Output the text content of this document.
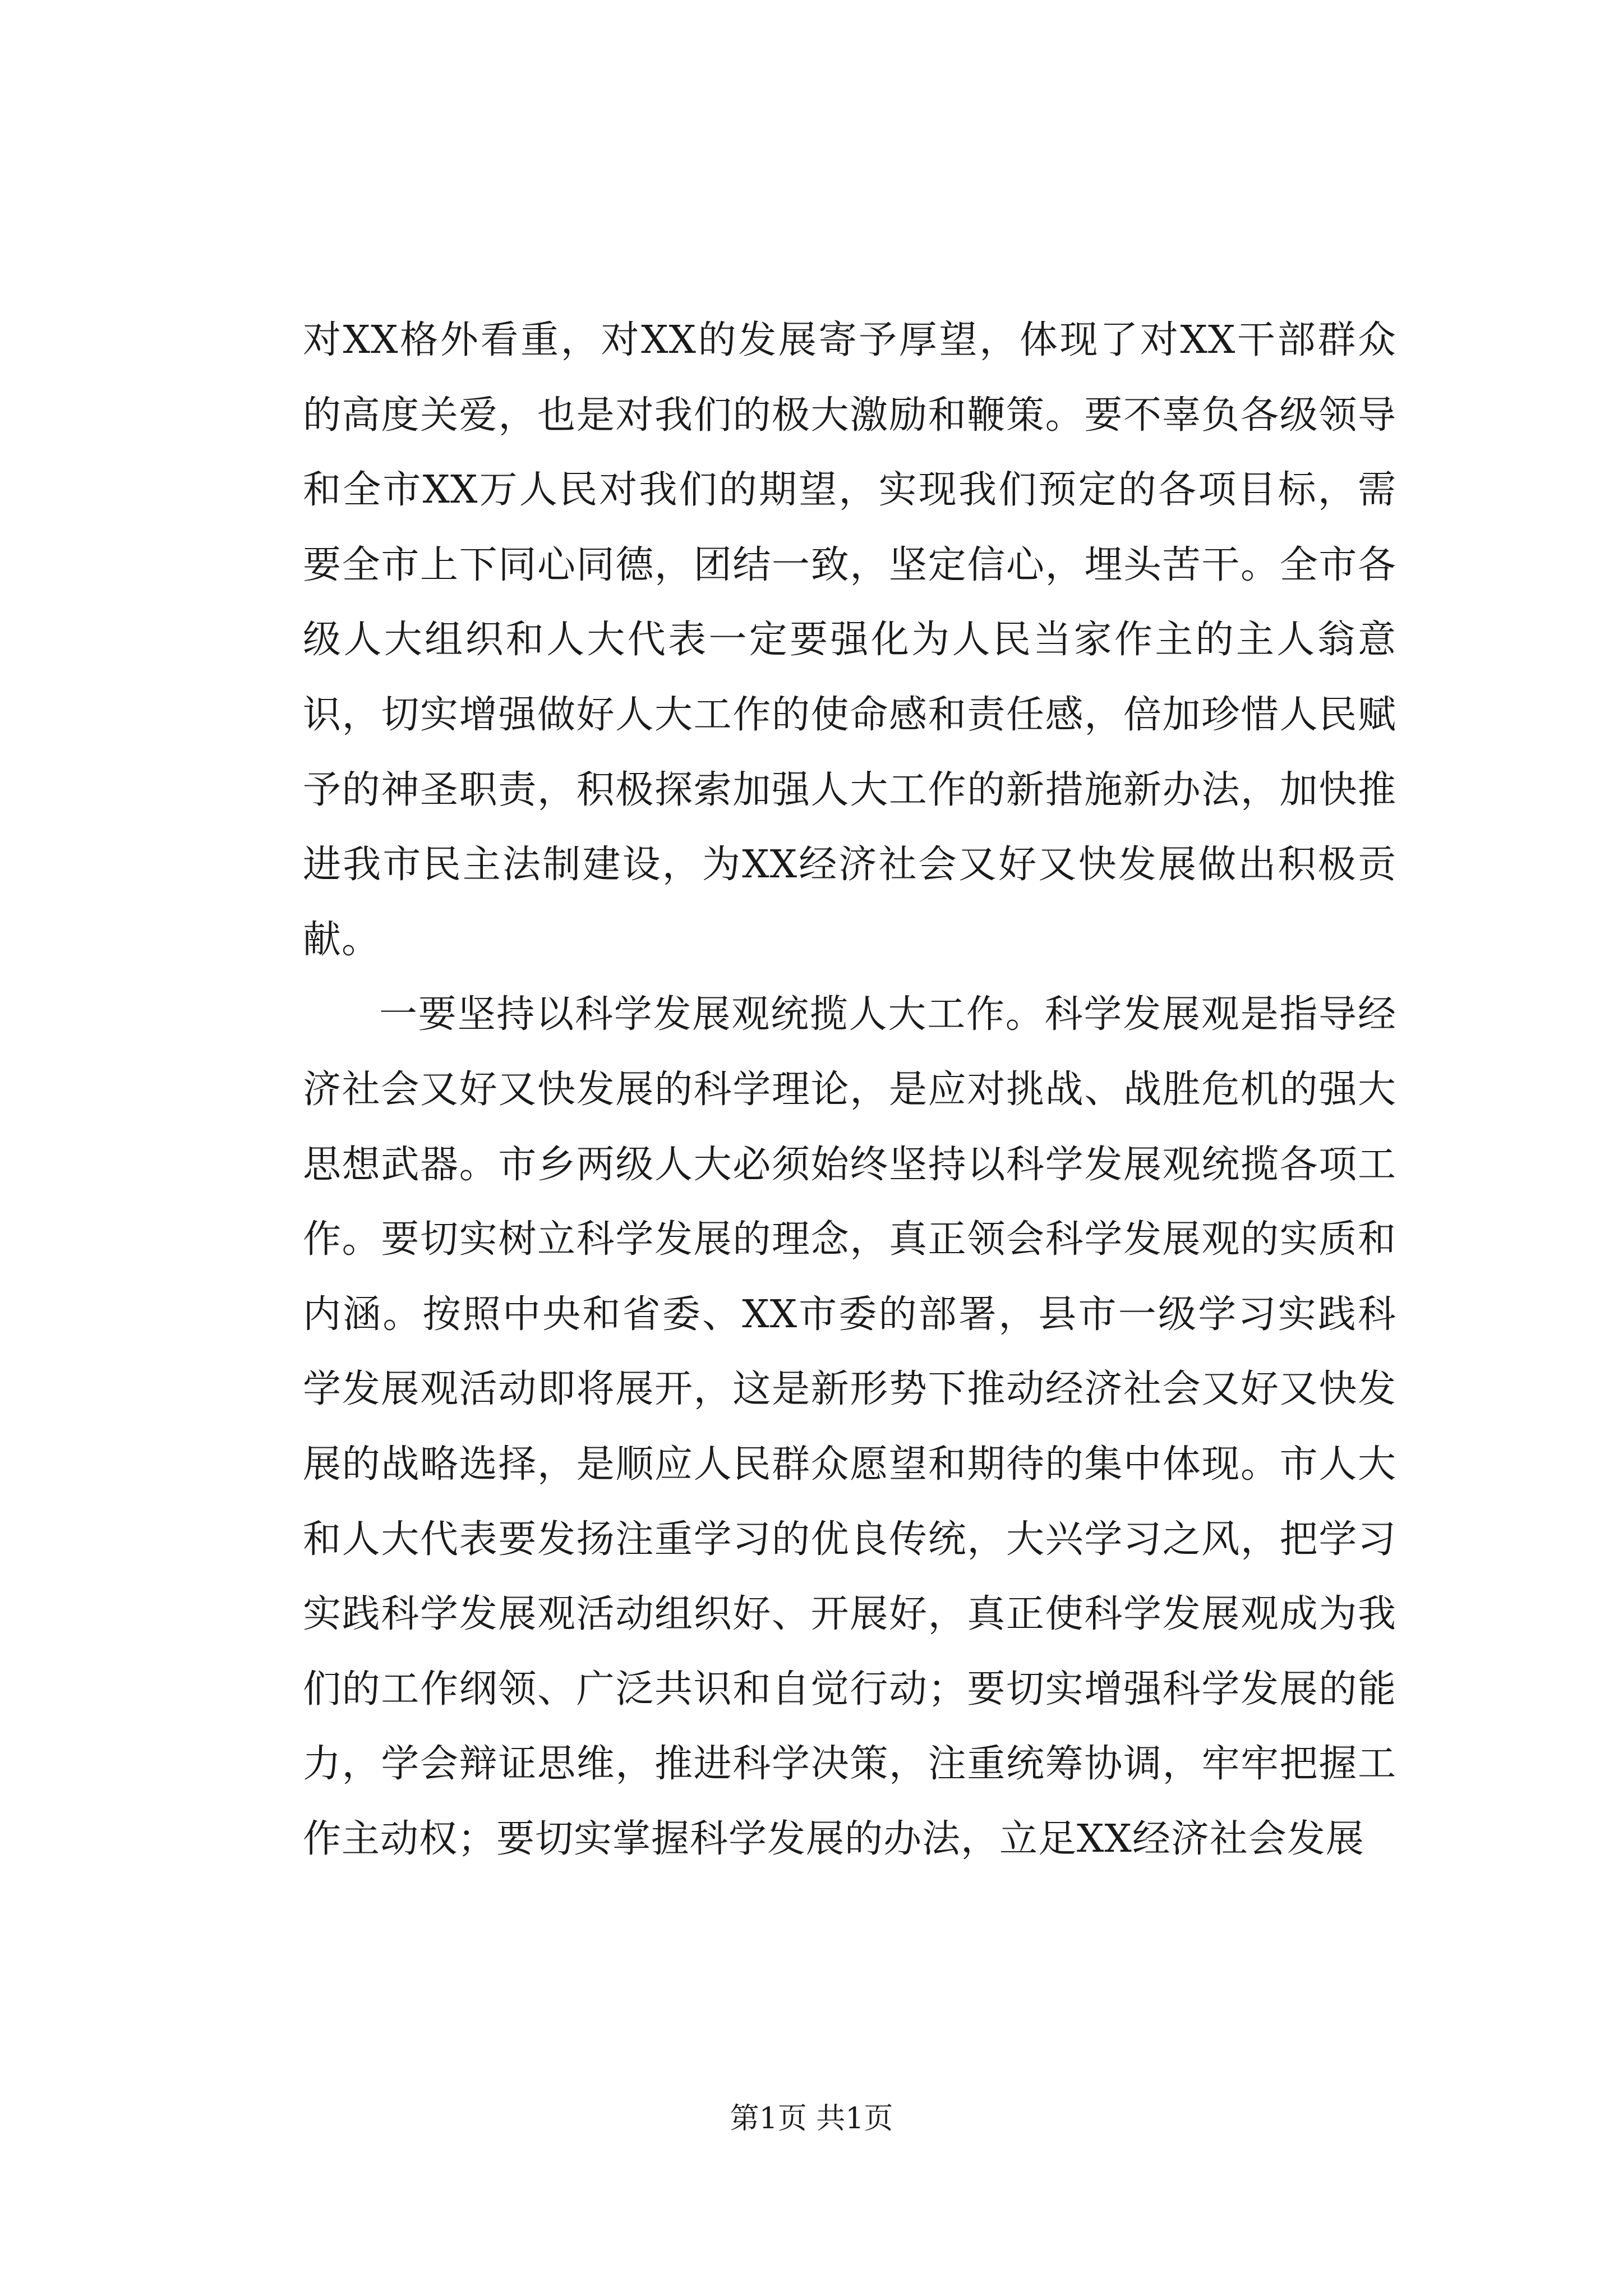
对XX格外看重，对XX的发展寄予厚望，体现了对XX干部群众的高度关爱，也是对我们的极大激励和鞭策。要不辜负各级领导和全市XX万人民对我们的期望，实现我们预定的各项目标，需要全市上下同心同德，团结一致，坚定信心，埋头苦干。全市各级人大组织和人大代表一定要强化为人民当家作主的主人翁意识，切实增强做好人大工作的使命感和责任感，倍加珍惜人民赋予的神圣职责，积极探索加强人大工作的新措施新办法，加快推进我市民主法制建设，为XX经济社会又好又快发展做出积极贡献。

一要坚持以科学发展观统揽人大工作。科学发展观是指导经济社会又好又快发展的科学理论，是应对挑战、战胜危机的强大思想武器。市乡两级人大必须始终坚持以科学发展观统揽各项工作。要切实树立科学发展的理念，真正领会科学发展观的实质和内涵。按照中央和省委、XX市委的部署，县市一级学习实践科学发展观活动即将展开，这是新形势下推动经济社会又好又快发展的战略选择，是顺应人民群众愿望和期待的集中体现。市人大和人大代表要发扬注重学习的优良传统，大兴学习之风，把学习实践科学发展观活动组织好、开展好，真正使科学发展观成为我们的工作纲领、广泛共识和自觉行动；要切实增强科学发展的能力，学会辩证思维，推进科学决策，注重统筹协调，牢牢把握工作主动权；要切实掌握科学发展的办法，立足XX经济社会发展

第1页 共1页
